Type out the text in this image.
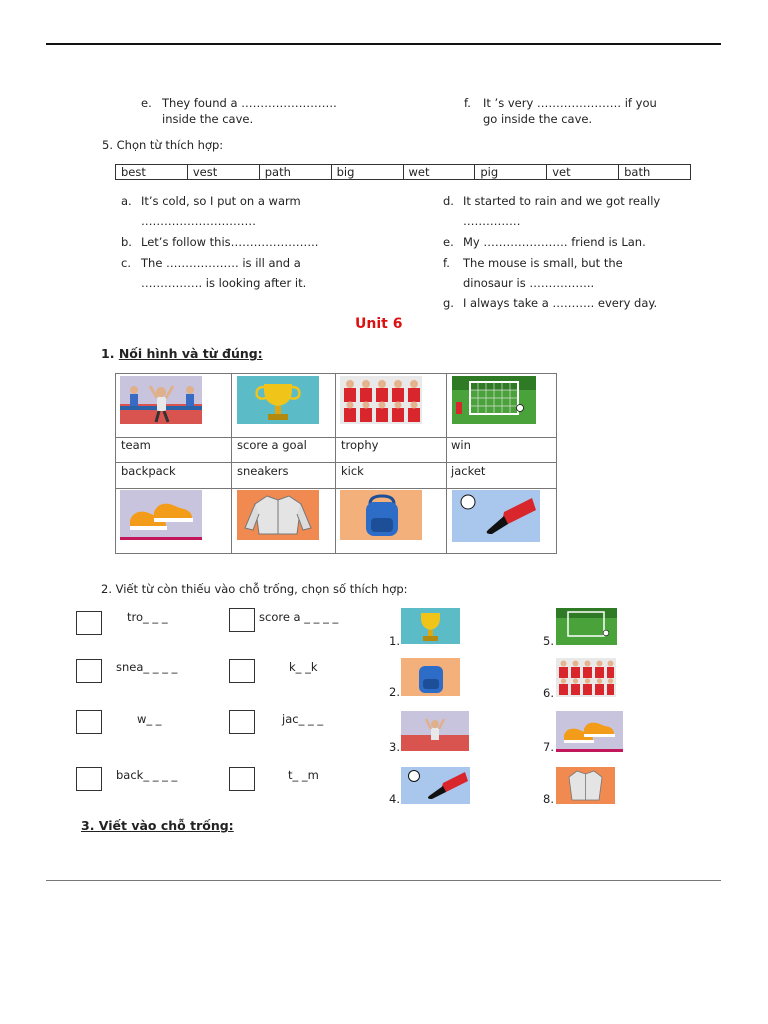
e. They found a …………………….
inside the cave.
f. It ’s very …………………. if you
go inside the cave.
5. Chọn từ thích hợp:
best	vest	path	big	wet	pig	vet	bath
a. It’s cold, so I put on a warm
…………………………
b. Let’s follow this…………………..
c. The ………………. is ill and a
……………. is looking after it.
d. It started to rain and we got really
……………
e. My …………………. friend is Lan.
f. The mouse is small, but the
dinosaur is ……………..
g. I always take a ……….. every day.
Unit 6
1. Nối hình và từ đúng:
team	score a goal	trophy	win
backpack	sneakers	kick	jacket
2. Viết từ còn thiếu vào chỗ trống, chọn số thích hợp:
tro_ _ _
snea_ _ _ _
w_ _
back_ _ _ _
score a _ _ _ _
k_ _k
jac_ _ _
t_ _m
1.
2.
3.
4.
5.
6.
7.
8.
3. Viết vào chỗ trống:
